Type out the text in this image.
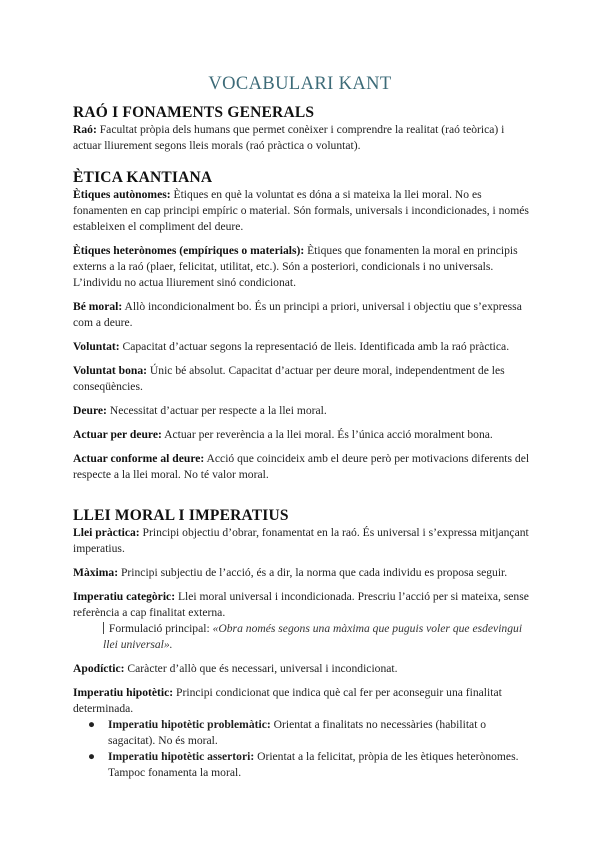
VOCABULARI KANT
RAÓ I FONAMENTS GENERALS

Raó: Facultat pròpia dels humans que permet conèixer i comprendre la realitat (raó teòrica) i actuar lliurement segons lleis morals (raó pràctica o voluntat).

ÈTICA KANTIANA

Ètiques autònomes: Ètiques en què la voluntat es dóna a si mateixa la llei moral. No es fonamenten en cap principi empíric o material. Són formals, universals i incondicionades, i només estableixen el compliment del deure.

Ètiques heterònomes (empíriques o materials): Ètiques que fonamenten la moral en principis externs a la raó (plaer, felicitat, utilitat, etc.). Són a posteriori, condicionals i no universals. L’individu no actua lliurement sinó condicionat.

Bé moral: Allò incondicionalment bo. És un principi a priori, universal i objectiu que s’expressa com a deure.

Voluntat: Capacitat d’actuar segons la representació de lleis. Identificada amb la raó pràctica.

Voluntat bona: Únic bé absolut. Capacitat d’actuar per deure moral, independentment de les conseqüències.

Deure: Necessitat d’actuar per respecte a la llei moral.

Actuar per deure: Actuar per reverència a la llei moral. És l’única acció moralment bona.

Actuar conforme al deure: Acció que coincideix amb el deure però per motivacions diferents del respecte a la llei moral. No té valor moral.

LLEI MORAL I IMPERATIUS

Llei pràctica: Principi objectiu d’obrar, fonamentat en la raó. És universal i s’expressa mitjançant imperatius.

Màxima: Principi subjectiu de l’acció, és a dir, la norma que cada individu es proposa seguir.

Imperatiu categòric: Llei moral universal i incondicionada. Prescriu l’acció per si mateixa, sense referència a cap finalitat externa.

Formulació principal: «Obra només segons una màxima que puguis voler que esdevingui llei universal».

Apodíctic: Caràcter d’allò que és necessari, universal i incondicionat.

Imperatiu hipotètic: Principi condicionat que indica què cal fer per aconseguir una finalitat determinada.

● Imperatiu hipotètic problemàtic: Orientat a finalitats no necessàries (habilitat o sagacitat). No és moral.
● Imperatiu hipotètic assertori: Orientat a la felicitat, pròpia de les ètiques heterònomes. Tampoc fonamenta la moral.
